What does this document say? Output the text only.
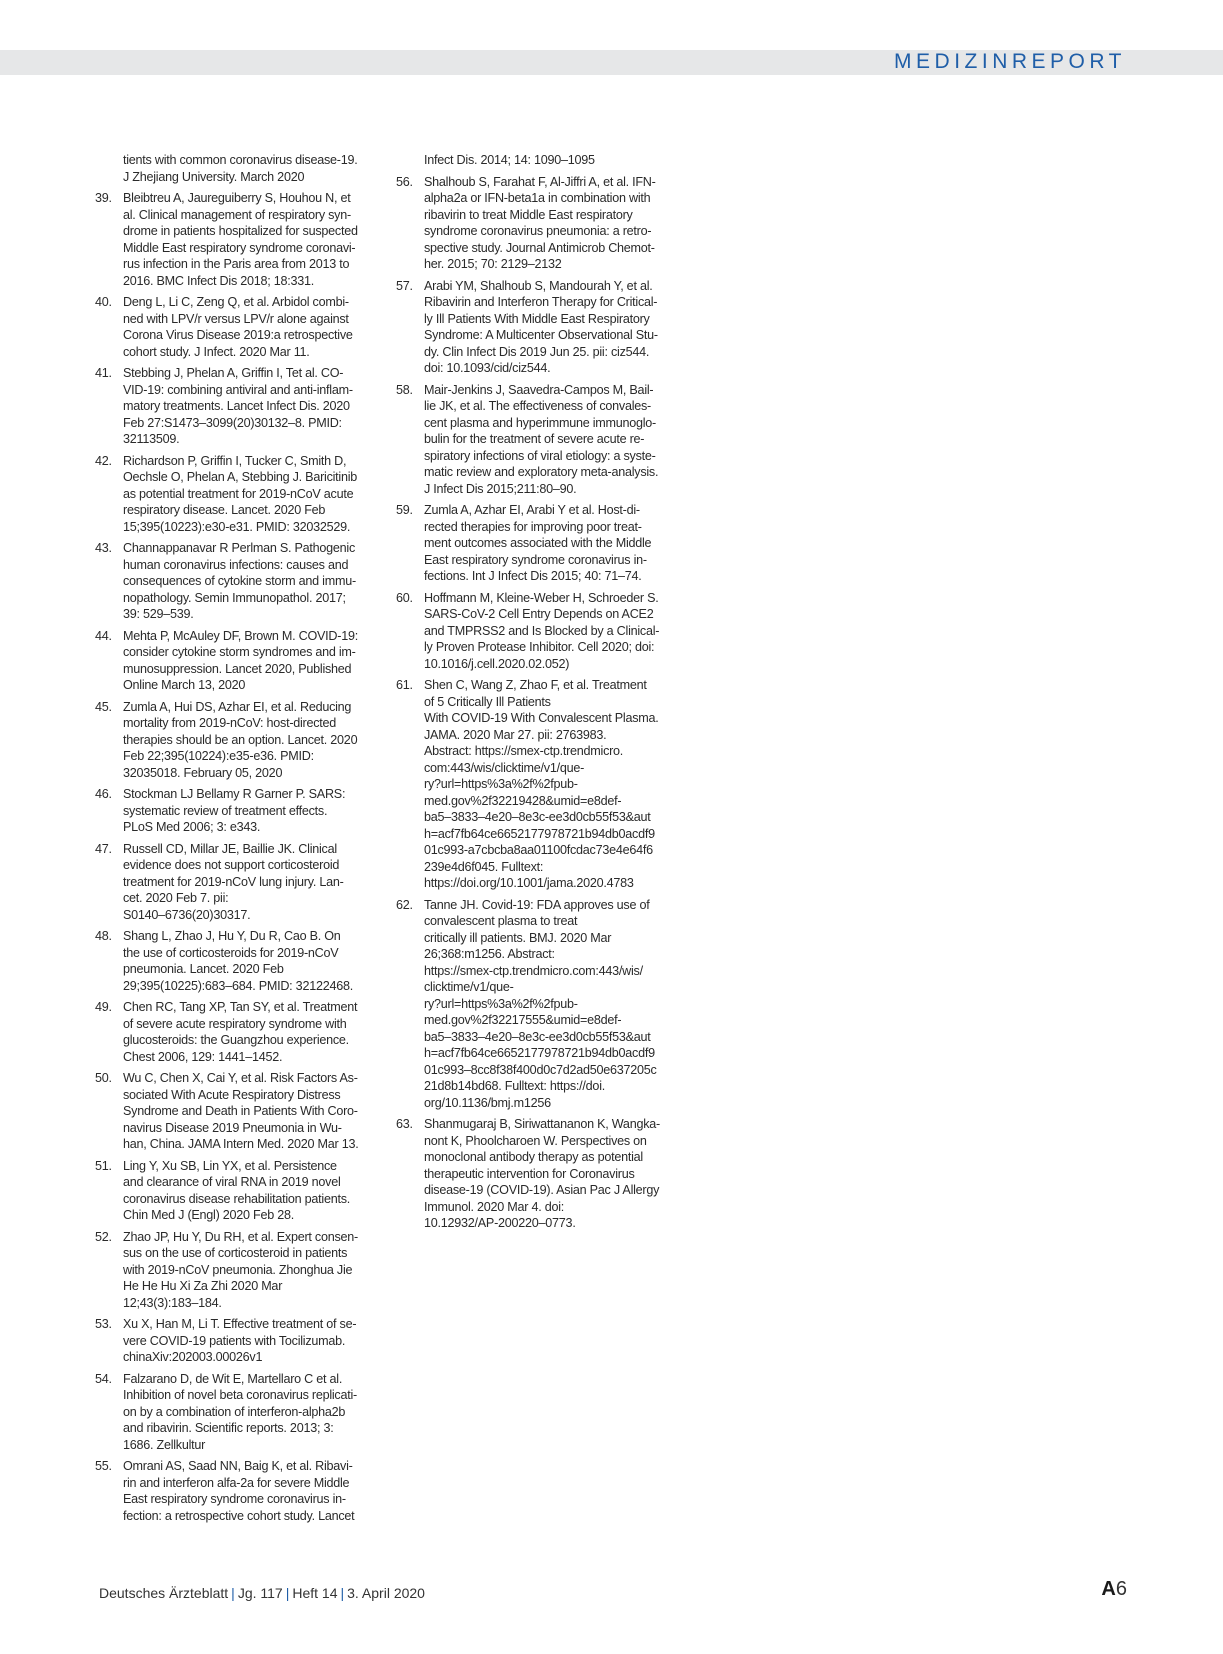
MEDIZINREPORT
tients with common coronavirus disease-19.
J Zhejiang University. March 2020
39. Bleibtreu A, Jaureguiberry S, Houhou N, et
al. Clinical management of respiratory syn-
drome in patients hospitalized for suspected
Middle East respiratory syndrome coronavi-
rus infection in the Paris area from 2013 to
2016. BMC Infect Dis 2018; 18:331.
40. Deng L, Li C, Zeng Q, et al. Arbidol combi-
ned with LPV/r versus LPV/r alone against
Corona Virus Disease 2019:a retrospective
cohort study. J Infect. 2020 Mar 11.
41. Stebbing J, Phelan A, Griffin I, Tet al. CO-
VID-19: combining antiviral and anti-inflam-
matory treatments. Lancet Infect Dis. 2020
Feb 27:S1473–3099(20)30132–8. PMID:
32113509.
42. Richardson P, Griffin I, Tucker C, Smith D,
Oechsle O, Phelan A, Stebbing J. Baricitinib
as potential treatment for 2019-nCoV acute
respiratory disease. Lancet. 2020 Feb
15;395(10223):e30-e31. PMID: 32032529.
43. Channappanavar R Perlman S. Pathogenic
human coronavirus infections: causes and
consequences of cytokine storm and immu-
nopathology. Semin Immunopathol. 2017;
39: 529–539.
44. Mehta P, McAuley DF, Brown M. COVID-19:
consider cytokine storm syndromes and im-
munosuppression. Lancet 2020, Published
Online March 13, 2020
45. Zumla A, Hui DS, Azhar EI, et al. Reducing
mortality from 2019-nCoV: host-directed
therapies should be an option. Lancet. 2020
Feb 22;395(10224):e35-e36. PMID:
32035018. February 05, 2020
46. Stockman LJ Bellamy R Garner P. SARS:
systematic review of treatment effects.
PLoS Med 2006; 3: e343.
47. Russell CD, Millar JE, Baillie JK. Clinical
evidence does not support corticosteroid
treatment for 2019-nCoV lung injury. Lan-
cet. 2020 Feb 7. pii:
S0140–6736(20)30317.
48. Shang L, Zhao J, Hu Y, Du R, Cao B. On
the use of corticosteroids for 2019-nCoV
pneumonia. Lancet. 2020 Feb
29;395(10225):683–684. PMID: 32122468.
49. Chen RC, Tang XP, Tan SY, et al. Treatment
of severe acute respiratory syndrome with
glucosteroids: the Guangzhou experience.
Chest 2006, 129: 1441–1452.
50. Wu C, Chen X, Cai Y, et al. Risk Factors As-
sociated With Acute Respiratory Distress
Syndrome and Death in Patients With Coro-
navirus Disease 2019 Pneumonia in Wu-
han, China. JAMA Intern Med. 2020 Mar 13.
51. Ling Y, Xu SB, Lin YX, et al. Persistence
and clearance of viral RNA in 2019 novel
coronavirus disease rehabilitation patients.
Chin Med J (Engl) 2020 Feb 28.
52. Zhao JP, Hu Y, Du RH, et al. Expert consen-
sus on the use of corticosteroid in patients
with 2019-nCoV pneumonia. Zhonghua Jie
He He Hu Xi Za Zhi 2020 Mar
12;43(3):183–184.
53. Xu X, Han M, Li T. Effective treatment of se-
vere COVID-19 patients with Tocilizumab.
chinaXiv:202003.00026v1
54. Falzarano D, de Wit E, Martellaro C et al.
Inhibition of novel beta coronavirus replicati-
on by a combination of interferon-alpha2b
and ribavirin. Scientific reports. 2013; 3:
1686. Zellkultur
55. Omrani AS, Saad NN, Baig K, et al. Ribavi-
rin and interferon alfa-2a for severe Middle
East respiratory syndrome coronavirus in-
fection: a retrospective cohort study. Lancet
Infect Dis. 2014; 14: 1090–1095
56. Shalhoub S, Farahat F, Al-Jiffri A, et al. IFN-
alpha2a or IFN-beta1a in combination with
ribavirin to treat Middle East respiratory
syndrome coronavirus pneumonia: a retro-
spective study. Journal Antimicrob Chemot-
her. 2015; 70: 2129–2132
57. Arabi YM, Shalhoub S, Mandourah Y, et al.
Ribavirin and Interferon Therapy for Critical-
ly Ill Patients With Middle East Respiratory
Syndrome: A Multicenter Observational Stu-
dy. Clin Infect Dis 2019 Jun 25. pii: ciz544.
doi: 10.1093/cid/ciz544.
58. Mair-Jenkins J, Saavedra-Campos M, Bail-
lie JK, et al. The effectiveness of convales-
cent plasma and hyperimmune immunoglo-
bulin for the treatment of severe acute re-
spiratory infections of viral etiology: a syste-
matic review and exploratory meta-analysis.
J Infect Dis 2015;211:80–90.
59. Zumla A, Azhar EI, Arabi Y et al. Host-di-
rected therapies for improving poor treat-
ment outcomes associated with the Middle
East respiratory syndrome coronavirus in-
fections. Int J Infect Dis 2015; 40: 71–74.
60. Hoffmann M, Kleine-Weber H, Schroeder S.
SARS-CoV-2 Cell Entry Depends on ACE2
and TMPRSS2 and Is Blocked by a Clinical-
ly Proven Protease Inhibitor. Cell 2020; doi:
10.1016/j.cell.2020.02.052)
61. Shen C, Wang Z, Zhao F, et al. Treatment
of 5 Critically Ill Patients
With COVID-19 With Convalescent Plasma.
JAMA. 2020 Mar 27. pii: 2763983.
Abstract: https://smex-ctp.trendmicro.
com:443/wis/clicktime/v1/que-
ry?url=https%3a%2f%2fpub-
med.gov%2f32219428&umid=e8def-
ba5–3833–4e20–8e3c-ee3d0cb55f53&aut
h=acf7fb64ce6652177978721b94db0acdf9
01c993-a7cbcba8aa01100fcdac73e4e64f6
239e4d6f045. Fulltext:
https://doi.org/10.1001/jama.2020.4783
62. Tanne JH. Covid-19: FDA approves use of
convalescent plasma to treat
critically ill patients. BMJ. 2020 Mar
26;368:m1256. Abstract:
https://smex-ctp.trendmicro.com:443/wis/
clicktime/v1/que-
ry?url=https%3a%2f%2fpub-
med.gov%2f32217555&umid=e8def-
ba5–3833–4e20–8e3c-ee3d0cb55f53&aut
h=acf7fb64ce6652177978721b94db0acdf9
01c993–8cc8f38f400d0c7d2ad50e637205c
21d8b14bd68. Fulltext: https://doi.
org/10.1136/bmj.m1256
63. Shanmugaraj B, Siriwattananon K, Wangka-
nont K, Phoolcharoen W. Perspectives on
monoclonal antibody therapy as potential
therapeutic intervention for Coronavirus
disease-19 (COVID-19). Asian Pac J Allergy
Immunol. 2020 Mar 4. doi:
10.12932/AP-200220–0773.
Deutsches Ärzteblatt | Jg. 117 | Heft 14 | 3. April 2020	A6
